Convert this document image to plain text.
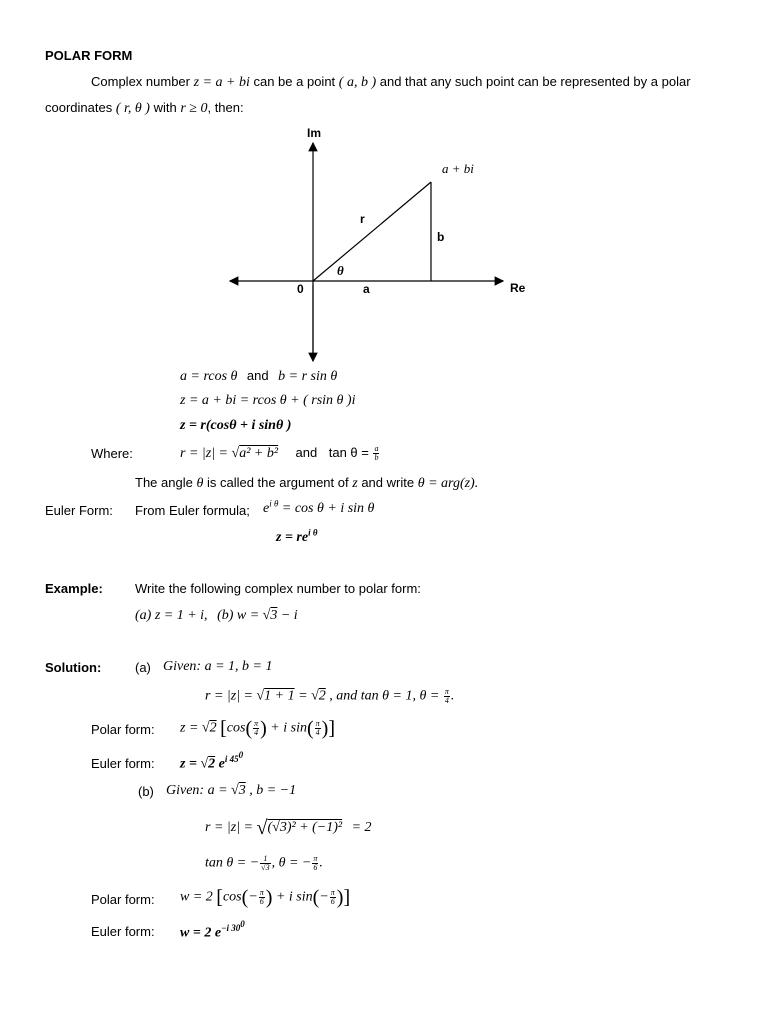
POLAR FORM
Complex number z = a + bi can be a point ( a, b ) and that any such point can be represented by a polar
coordinates ( r, θ ) with r ≥ 0, then:
Im
Re
0
a + bi
r
b
a
θ
a = rcos θ and b = r sin θ
z = a + bi = rcos θ + ( rsin θ )i
z = r(cosθ + i sinθ )
Where:	r = |z| = √a² + b² and $\tan \theta = \frac{a}{b}$
The angle θ is called the argument of z and write θ = arg(z).
Euler Form: From Euler formula; $e^{i \theta} = \cos \theta + i$ sin θ
$z = re^{i \theta}$
Example: Write the following complex number to polar form:
(a) z = 1 + i, (b) w = √3 − i
Solution:	(a) Given: a = 1, b = 1
r = |z| = √1 + 1 = √2 , and tan θ = 1, $\theta = \frac{\pi}{4}$ .
Polar form: z = √2 [$\cos( \frac{\pi}{4}$ ) + i $\sin( \frac{\pi}{4}$ )]
Euler form: z = √2 $e^{i 45^0}$
(b) Given: a = √3 , b = −1
r = |z| = √(√3)² + (−1)² = 2
tan θ = − $\frac{1}{√3}$ , θ = − $\frac{\pi}{6}$ .
Polar form: w = 2 [$\cos(- \frac{\pi}{6}$ ) + i $\sin(- \frac{\pi}{6}$ )]
Euler form: w = 2 $e^{-i 30^0}$
